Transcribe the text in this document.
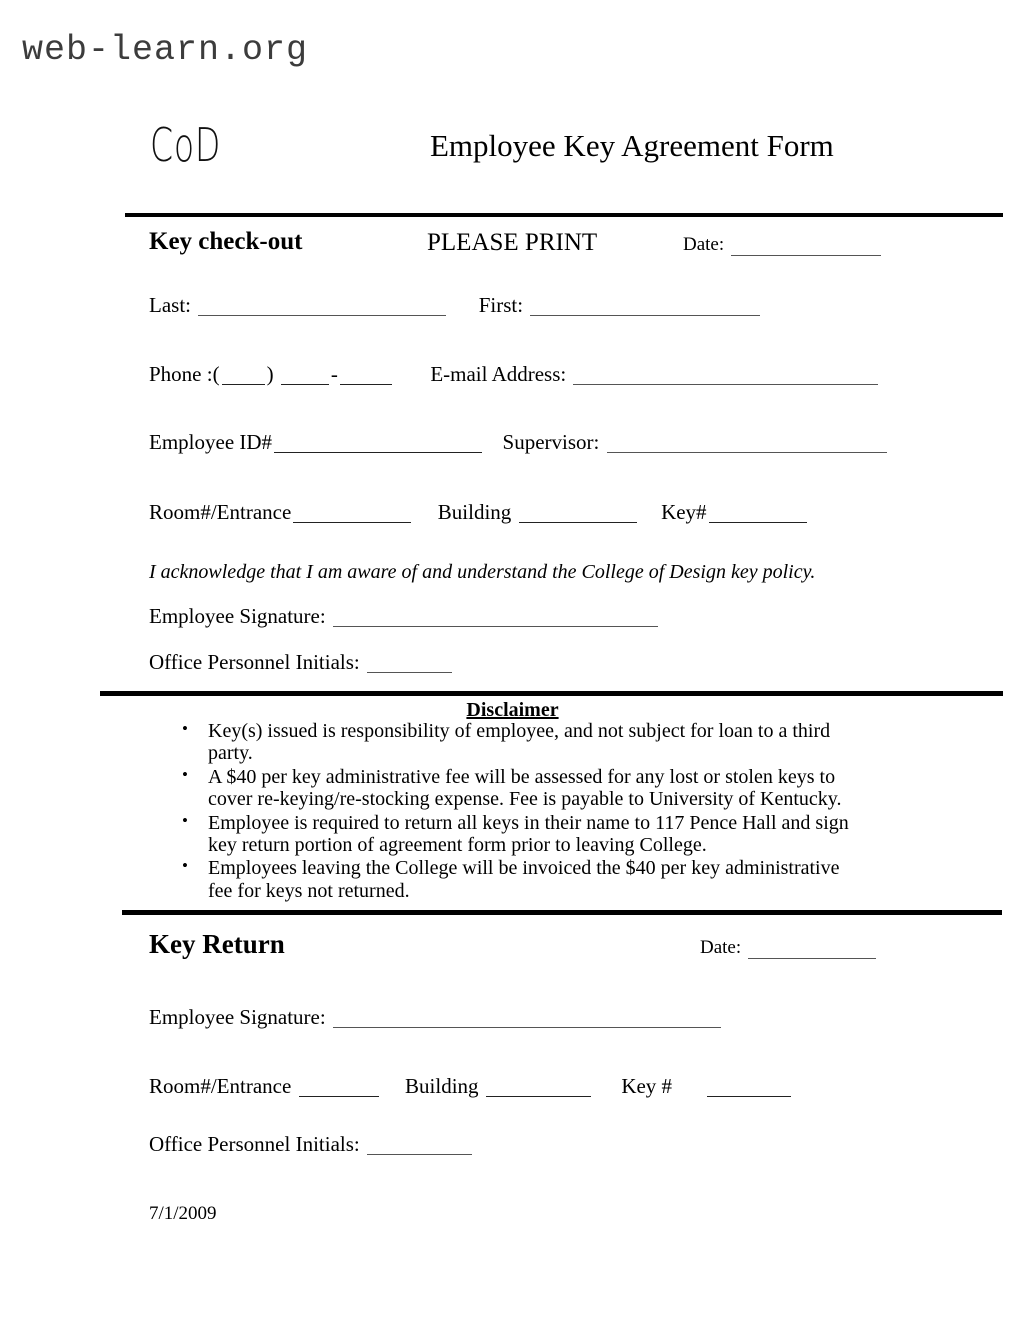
web-learn.org
CoD	Employee Key Agreement Form
Key check-out	PLEASE PRINT	Date:
Last:	First:
Phone :( )	-	E-mail Address:
Employee ID#	Supervisor:
Room#/Entrance	Building	Key#
I acknowledge that I am aware of and understand the College of Design key policy.
Employee Signature:
Office Personnel Initials:
Disclaimer
• Key(s) issued is responsibility of employee, and not subject for loan to a third party.
• A $40 per key administrative fee will be assessed for any lost or stolen keys to cover re-keying/re-stocking expense. Fee is payable to University of Kentucky.
• Employee is required to return all keys in their name to 117 Pence Hall and sign key return portion of agreement form prior to leaving College.
• Employees leaving the College will be invoiced the $40 per key administrative fee for keys not returned.
Key Return	Date:
Employee Signature:
Room#/Entrance	Building	Key #
Office Personnel Initials:
7/1/2009
